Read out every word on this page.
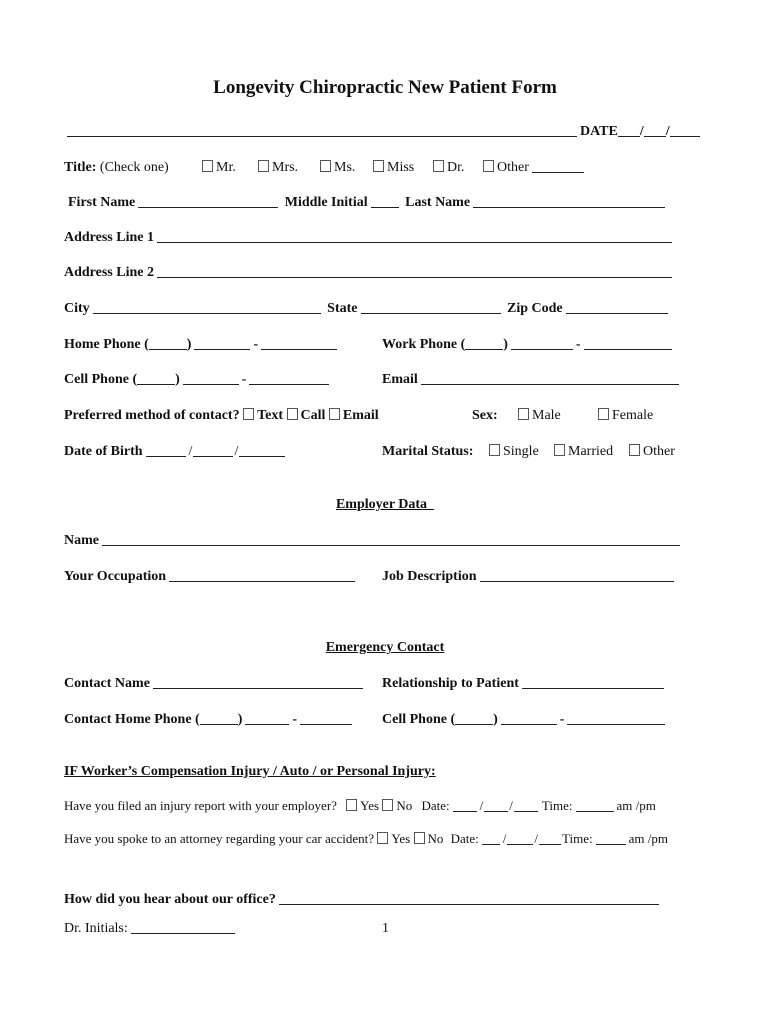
Longevity Chiropractic New Patient Form
DATE / /
Title: (Check one)	Mr.	Mrs.	Ms.	Miss	Dr.	Other
First Name	Middle Initial	Last Name
Address Line 1
Address Line 2
City	State	Zip Code
Home Phone (	)	-	Work Phone (	)	-
Cell Phone (	)	-	Email
Preferred method of contact? Text Call Email	Sex:	Male	Female
Date of Birth	/	/	Marital Status:	Single	Married	Other
Employer Data_
Name
Your Occupation	Job Description
Emergency Contact
Contact Name	Relationship to Patient
Contact Home Phone (	)	-	Cell Phone (	)	-
IF Worker’s Compensation Injury / Auto / or Personal Injury:
Have you filed an injury report with your employer? Yes No Date: / / Time:	am /pm
Have you spoke to an attorney regarding your car accident? Yes No Date: / / Time:	am /pm
How did you hear about our office?
Dr. Initials:	1
